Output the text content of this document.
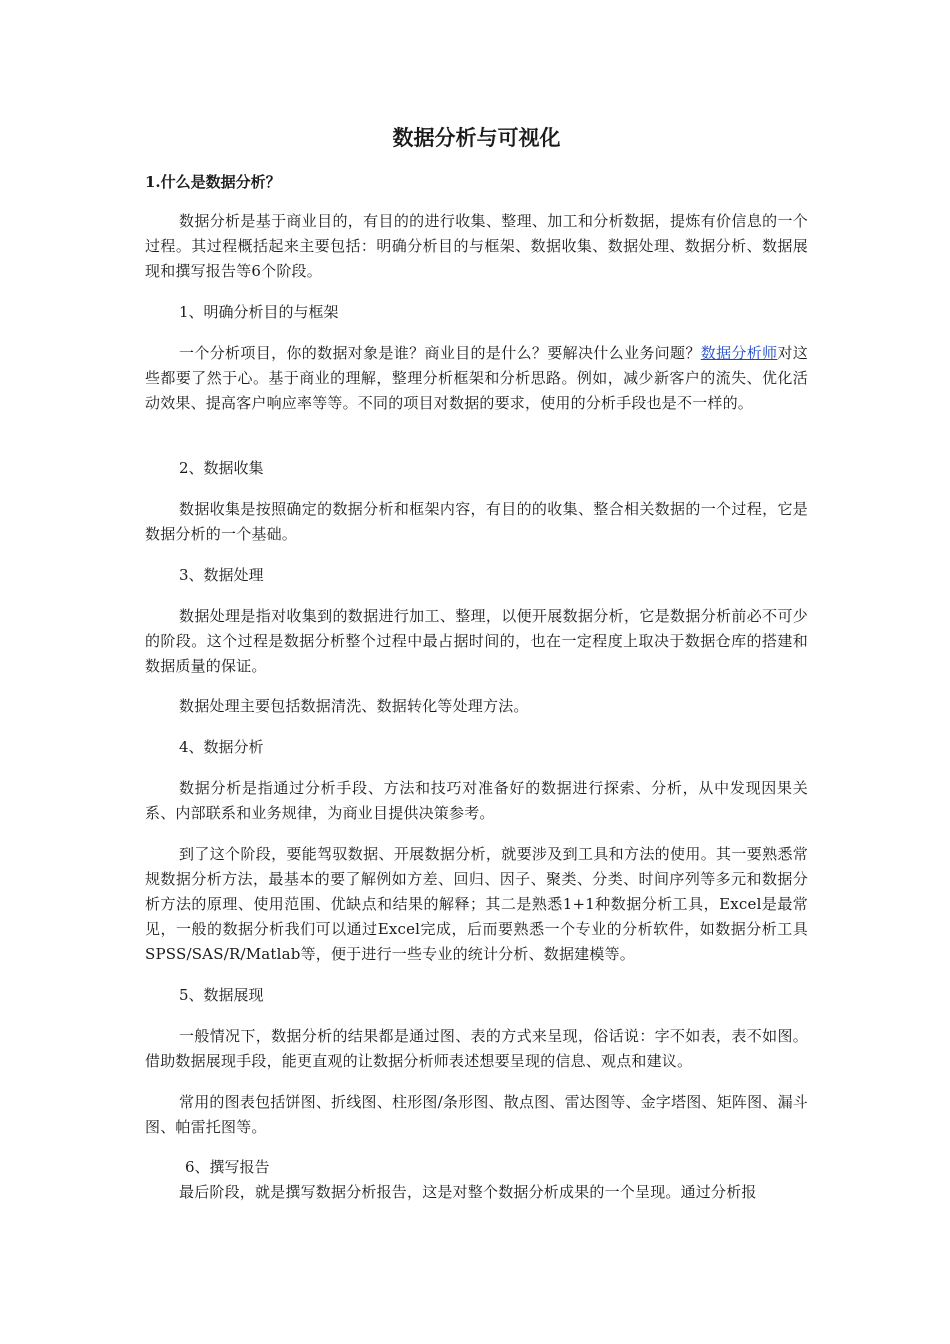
数据分析与可视化
1.什么是数据分析？

数据分析是基于商业目的，有目的的进行收集、整理、加工和分析数据，提炼有价信息的一个过程。其过程概括起来主要包括：明确分析目的与框架、数据收集、数据处理、数据分析、数据展现和撰写报告等6个阶段。

1、明确分析目的与框架

一个分析项目，你的数据对象是谁？商业目的是什么？要解决什么业务问题？数据分析师对这些都要了然于心。基于商业的理解，整理分析框架和分析思路。例如，减少新客户的流失、优化活动效果、提高客户响应率等等。不同的项目对数据的要求，使用的分析手段也是不一样的。

2、数据收集

数据收集是按照确定的数据分析和框架内容，有目的的收集、整合相关数据的一个过程，它是数据分析的一个基础。

3、数据处理

数据处理是指对收集到的数据进行加工、整理，以便开展数据分析，它是数据分析前必不可少的阶段。这个过程是数据分析整个过程中最占据时间的，也在一定程度上取决于数据仓库的搭建和数据质量的保证。

数据处理主要包括数据清洗、数据转化等处理方法。

4、数据分析

数据分析是指通过分析手段、方法和技巧对准备好的数据进行探索、分析，从中发现因果关系、内部联系和业务规律，为商业目提供决策参考。

到了这个阶段，要能驾驭数据、开展数据分析，就要涉及到工具和方法的使用。其一要熟悉常规数据分析方法，最基本的要了解例如方差、回归、因子、聚类、分类、时间序列等多元和数据分析方法的原理、使用范围、优缺点和结果的解释；其二是熟悉1+1种数据分析工具，Excel是最常见，一般的数据分析我们可以通过Excel完成，后而要熟悉一个专业的分析软件，如数据分析工具SPSS/SAS/R/Matlab等，便于进行一些专业的统计分析、数据建模等。

5、数据展现

一般情况下，数据分析的结果都是通过图、表的方式来呈现，俗话说：字不如表，表不如图。借助数据展现手段，能更直观的让数据分析师表述想要呈现的信息、观点和建议。

常用的图表包括饼图、折线图、柱形图/条形图、散点图、雷达图等、金字塔图、矩阵图、漏斗图、帕雷托图等。

6、撰写报告

最后阶段，就是撰写数据分析报告，这是对整个数据分析成果的一个呈现。通过分析报
